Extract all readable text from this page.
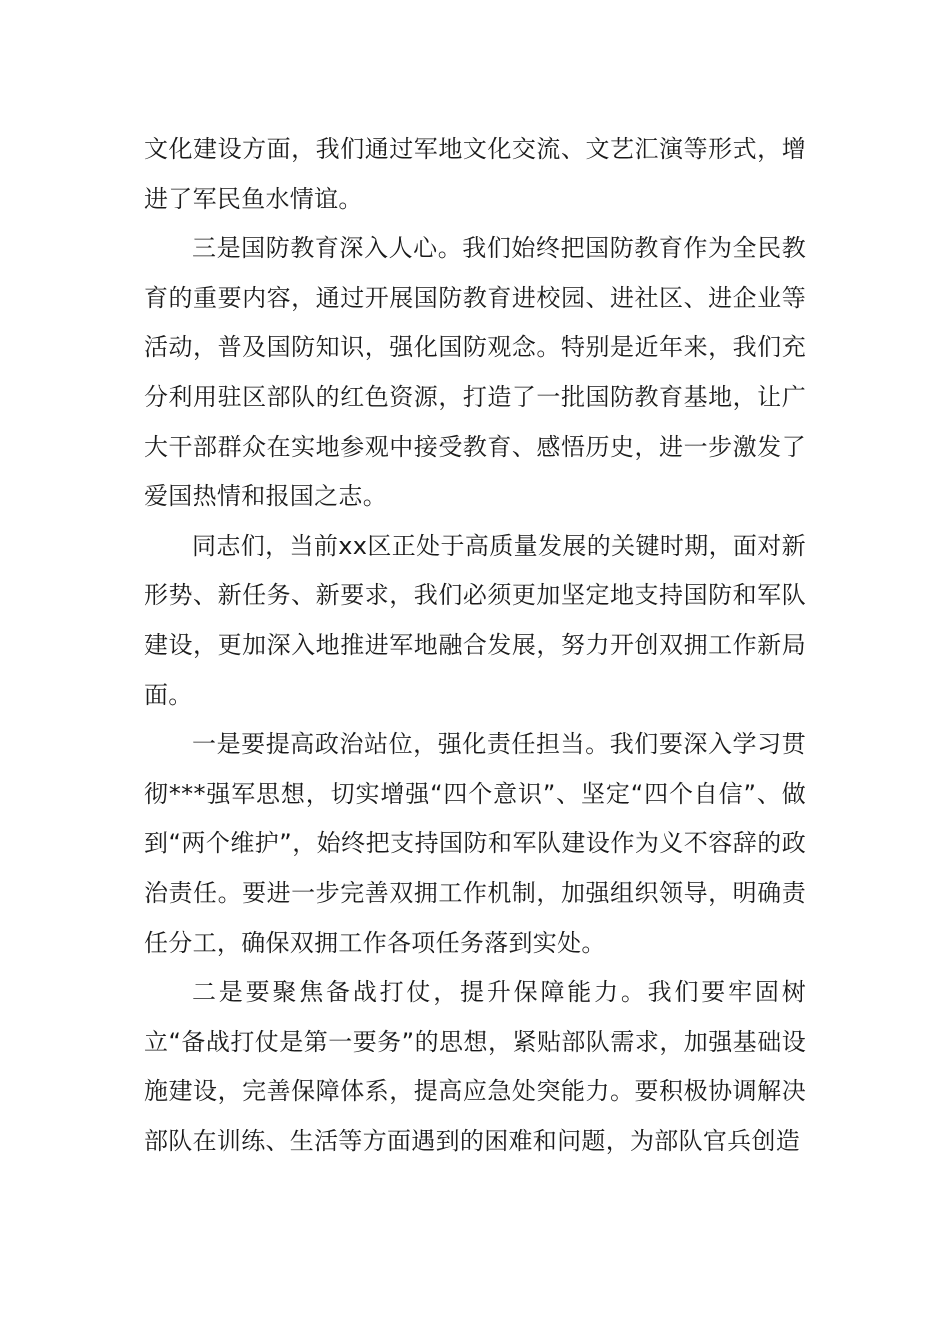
文化建设方面，我们通过军地文化交流、文艺汇演等形式，增进了军民鱼水情谊。

三是国防教育深入人心。我们始终把国防教育作为全民教育的重要内容，通过开展国防教育进校园、进社区、进企业等活动，普及国防知识，强化国防观念。特别是近年来，我们充分利用驻区部队的红色资源，打造了一批国防教育基地，让广大干部群众在实地参观中接受教育、感悟历史，进一步激发了爱国热情和报国之志。

同志们，当前xx区正处于高质量发展的关键时期，面对新形势、新任务、新要求，我们必须更加坚定地支持国防和军队建设，更加深入地推进军地融合发展，努力开创双拥工作新局面。

一是要提高政治站位，强化责任担当。我们要深入学习贯彻***强军思想，切实增强“四个意识”、坚定“四个自信”、做到“两个维护”，始终把支持国防和军队建设作为义不容辞的政治责任。要进一步完善双拥工作机制，加强组织领导，明确责任分工，确保双拥工作各项任务落到实处。

二是要聚焦备战打仗，提升保障能力。我们要牢固树立“备战打仗是第一要务”的思想，紧贴部队需求，加强基础设施建设，完善保障体系，提高应急处突能力。要积极协调解决部队在训练、生活等方面遇到的困难和问题，为部队官兵创造
